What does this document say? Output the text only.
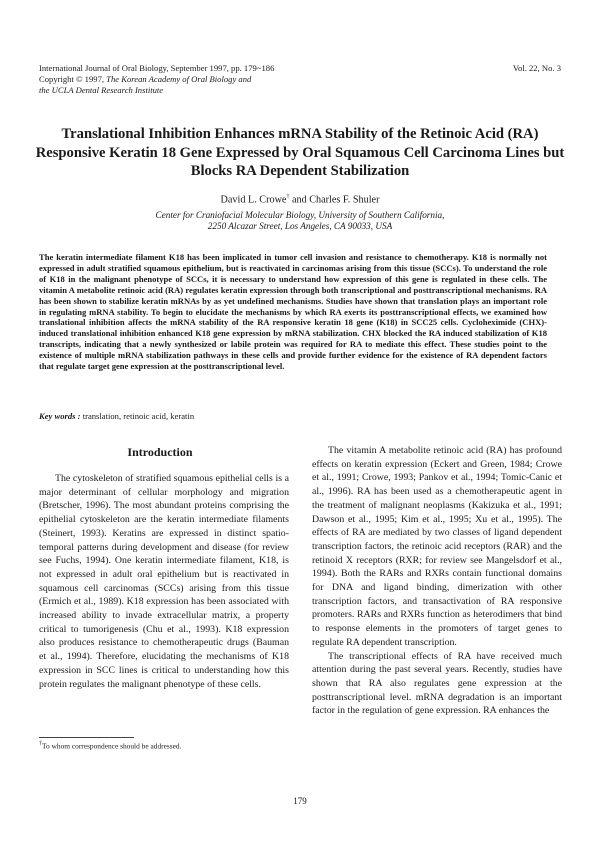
International Journal of Oral Biology, September 1997, pp. 179~186
Copyright © 1997, The Korean Academy of Oral Biology and
the UCLA Dental Research Institute
Vol. 22, No. 3
Translational Inhibition Enhances mRNA Stability of the Retinoic Acid (RA) Responsive Keratin 18 Gene Expressed by Oral Squamous Cell Carcinoma Lines but Blocks RA Dependent Stabilization
David L. Crowe† and Charles F. Shuler
Center for Craniofacial Molecular Biology, University of Southern California,
2250 Alcazar Street, Los Angeles, CA 90033, USA

The keratin intermediate filament K18 has been implicated in tumor cell invasion and resistance to chemotherapy. K18 is normally not expressed in adult stratified squamous epithelium, but is reactivated in carcinomas arising from this tissue (SCCs). To understand the role of K18 in the malignant phenotype of SCCs, it is necessary to understand how expression of this gene is regulated in these cells. The vitamin A metabolite retinoic acid (RA) regulates keratin expression through both transcriptional and posttranscriptional mechanisms. RA has been shown to stabilize keratin mRNAs by as yet undefined mechanisms. Studies have shown that translation plays an important role in regulating mRNA stability. To begin to elucidate the mechanisms by which RA exerts its posttranscriptional effects, we examined how translational inhibition affects the mRNA stability of the RA responsive keratin 18 gene (K18) in SCC25 cells. Cycloheximide (CHX)-induced translational inhibition enhanced K18 gene expression by mRNA stabilization. CHX blocked the RA induced stabilization of K18 transcripts, indicating that a newly synthesized or labile protein was required for RA to mediate this effect. These studies point to the existence of multiple mRNA stabilization pathways in these cells and provide further evidence for the existence of RA dependent factors that regulate target gene expression at the posttranscriptional level.

Key words : translation, retinoic acid, keratin
Introduction

The cytoskeleton of stratified squamous epithelial cells is a major determinant of cellular morphology and migration (Bretscher, 1996). The most abundant proteins comprising the epithelial cytoskeleton are the keratin intermediate filaments (Steinert, 1993). Keratins are expressed in distinct spatio-temporal patterns during development and disease (for review see Fuchs, 1994). One keratin intermediate filament, K18, is not expressed in adult oral epithelium but is reactivated in squamous cell carcinomas (SCCs) arising from this tissue (Ermich et al., 1989). K18 expression has been associated with increased ability to invade extracellular matrix, a property critical to tumorigenesis (Chu et al., 1993). K18 expression also produces resistance to chemotherapeutic drugs (Bauman et al., 1994). Therefore, elucidating the mechanisms of K18 expression in SCC lines is critical to understanding how this protein regulates the malignant phenotype of these cells.

The vitamin A metabolite retinoic acid (RA) has profound effects on keratin expression (Eckert and Green, 1984; Crowe et al., 1991; Crowe, 1993; Pankov et al., 1994; Tomic-Canic et al., 1996). RA has been used as a chemotherapeutic agent in the treatment of malignant neoplasms (Kakizuka et al., 1991; Dawson et al., 1995; Kim et al., 1995; Xu et al., 1995). The effects of RA are mediated by two classes of ligand dependent transcription factors, the retinoic acid receptors (RAR) and the retinoid X receptors (RXR; for review see Mangelsdorf et al., 1994). Both the RARs and RXRs contain functional domains for DNA and ligand binding, dimerization with other transcription factors, and transactivation of RA responsive promoters. RARs and RXRs function as heterodimers that bind to response elements in the promoters of target genes to regulate RA dependent transcription.

The transcriptional effects of RA have received much attention during the past several years. Recently, studies have shown that RA also regulates gene expression at the posttranscriptional level. mRNA degradation is an important factor in the regulation of gene expression. RA enhances the

†To whom correspondence should be addressed.
179
